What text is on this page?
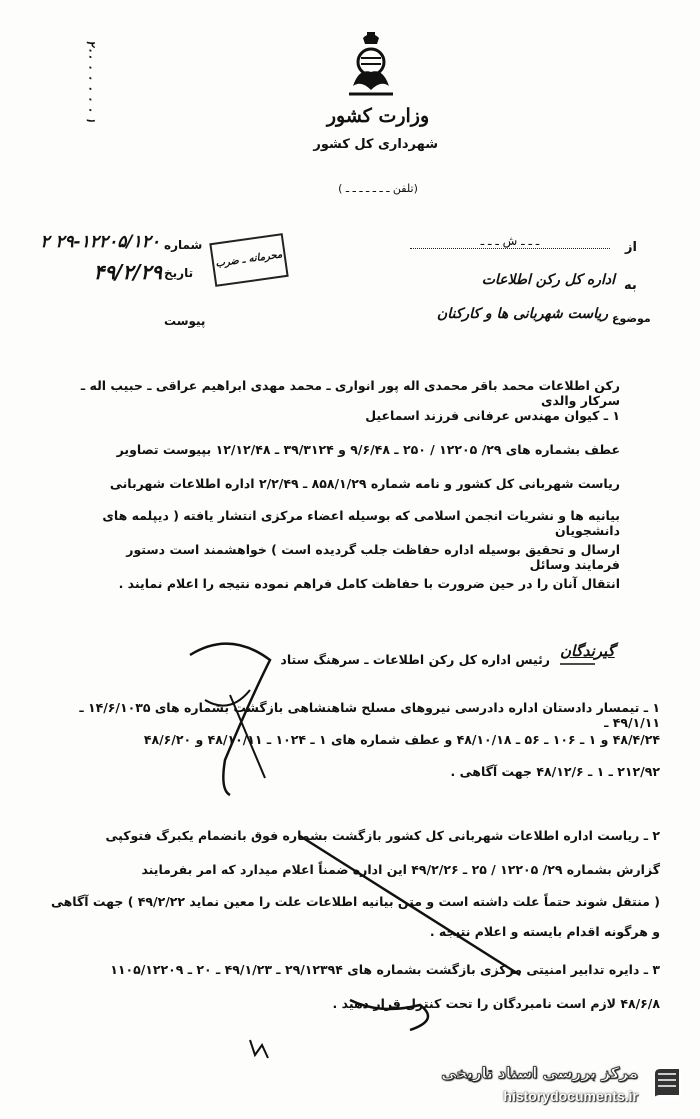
۲۰۰ ۰ ۰ ۰ ۰ ۰ ۱	وزارت کشور
شهرداری کل کشور
(تلفن ـ ـ ـ ـ ـ ـ ـ )
محرمانه ـ ضرب
شماره
۲۹-۱۲۲۰۵/۱۲۰ ۲
تاریخ
۴۹/۲/۲۹
پیوست
از
ـ ـ ـ ش ـ ـ ـ
به
اداره کل رکن اطلاعات
موضوع
ریاست شهربانی ها و کارکنان
رکن اطلاعات محمد باقر محمدی اله پور انواری ـ محمد مهدی ابراهیم عراقی ـ حبیب اله ـ سرکار والدی
۱ ـ کیوان مهندس عرفانی فرزند اسماعیل
عطف بشماره های ۲۹/ ۱۲۲۰۵ / ۲۵۰ ـ ۹/۶/۴۸ و ۳۹/۳۱۲۴ ـ ۱۲/۱۲/۴۸ بپیوست تصاویر
ریاست شهربانی کل کشور و نامه شماره ۸۵۸/۱/۲۹ ـ ۲/۲/۴۹ اداره اطلاعات شهربانی
بیانیه ها و نشریات انجمن اسلامی که بوسیله اعضاء مرکزی انتشار یافته ( دیپلمه های دانشجویان
ارسال و تحقیق بوسیله اداره حفاظت جلب گردیده است ) خواهشمند است دستور فرمایند وسائل
انتقال آنان را در حین ضرورت با حفاظت کامل فراهم نموده نتیجه را اعلام نمایند .
گیرندگان
رئیس اداره کل رکن اطلاعات ـ سرهنگ ستاد
۱ ـ تیمسار دادستان اداره دادرسی نیروهای مسلح شاهنشاهی بازگشت بشماره های ۱۴/۶/۱۰۳۵ ـ ۴۹/۱/۱۱ ـ
۴۸/۴/۲۴ و ۱ ـ ۱۰۶ ـ ۵۶ ـ ۴۸/۱۰/۱۸ و عطف شماره های ۱ ـ ۱۰۲۴ ـ ۴۸/۱۰/۱۱ و ۴۸/۶/۲۰
۲۱۲/۹۲ ـ ۱ ـ ۴۸/۱۲/۶ جهت آگاهی .
۲ ـ ریاست اداره اطلاعات شهربانی کل کشور بازگشت بشماره فوق بانضمام یکبرگ فتوکپی
گزارش بشماره ۲۹/ ۱۲۲۰۵ / ۲۵ ـ ۴۹/۲/۲۶ این اداره ضمناً اعلام میدارد که امر بفرمایند
( منتقل شوند حتماً علت داشته است و متن بیانیه اطلاعات علت را معین نماید ۴۹/۲/۲۲ ) جهت آگاهی
و هرگونه اقدام بایسته و اعلام نتیجه .
۳ ـ دایره تدابیر امنیتی مرکزی بازگشت بشماره های ۲۹/۱۲۳۹۴ ـ ۴۹/۱/۲۳ ـ ۲۰ ـ ۱۱۰۵/۱۲۲۰۹
۴۸/۶/۸ لازم است نامبردگان را تحت کنترل قرار دهید .
مرکز بررسی اسناد تاریخی
historydocuments.ir
